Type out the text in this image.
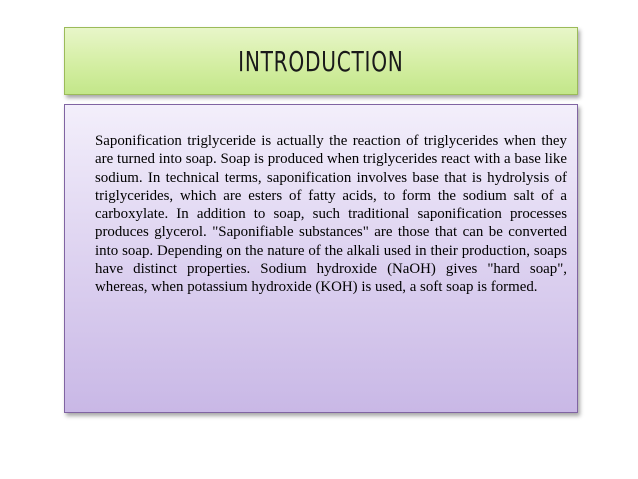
INTRODUCTION

Saponification triglyceride is actually the reaction of triglycerides when they are turned into soap. Soap is produced when triglycerides react with a base like sodium. In technical terms, saponification involves base that is hydrolysis of triglycerides, which are esters of fatty acids, to form the sodium salt of a carboxylate. In addition to soap, such traditional saponification processes produces glycerol. "Saponifiable substances" are those that can be converted into soap. Depending on the nature of the alkali used in their production, soaps have distinct properties. Sodium hydroxide (NaOH) gives "hard soap", whereas, when potassium hydroxide (KOH) is used, a soft soap is formed.
